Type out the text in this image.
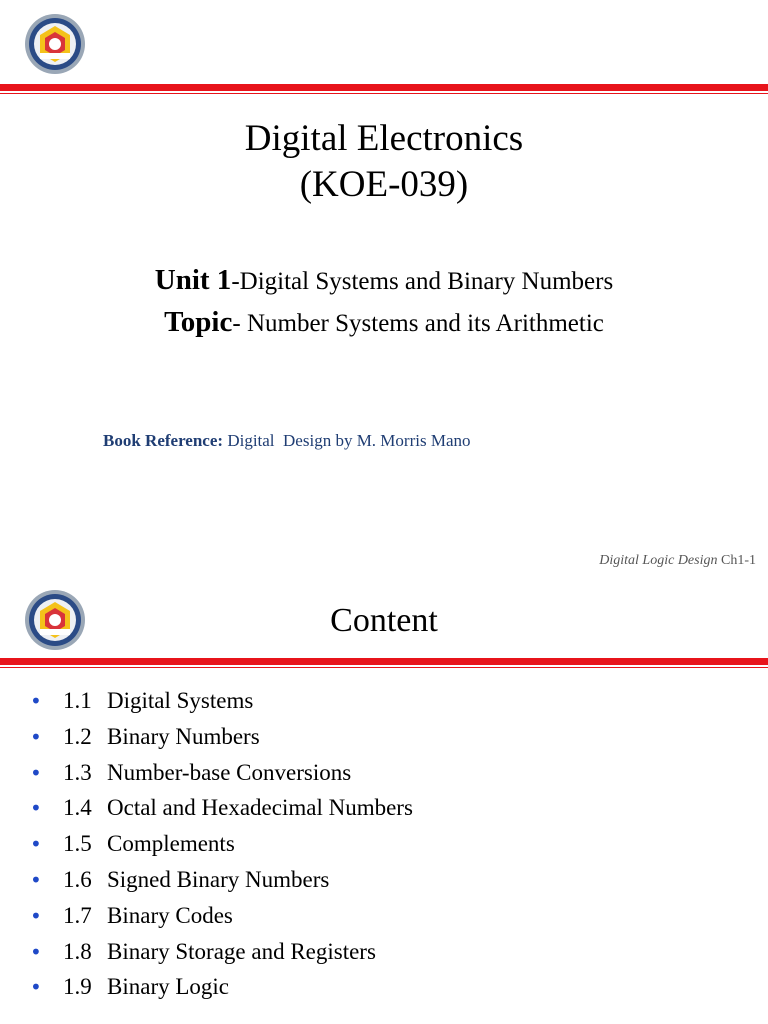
Digital Electronics
(KOE-039)
Unit 1-Digital Systems and Binary Numbers
Topic- Number Systems and its Arithmetic
Book Reference: Digital  Design by M. Morris Mano
Digital Logic Design Ch1-1
Content
• 1.1 Digital Systems
• 1.2 Binary Numbers
• 1.3 Number-base Conversions
• 1.4 Octal and Hexadecimal Numbers
• 1.5 Complements
• 1.6 Signed Binary Numbers
• 1.7 Binary Codes
• 1.8 Binary Storage and Registers
• 1.9 Binary Logic
